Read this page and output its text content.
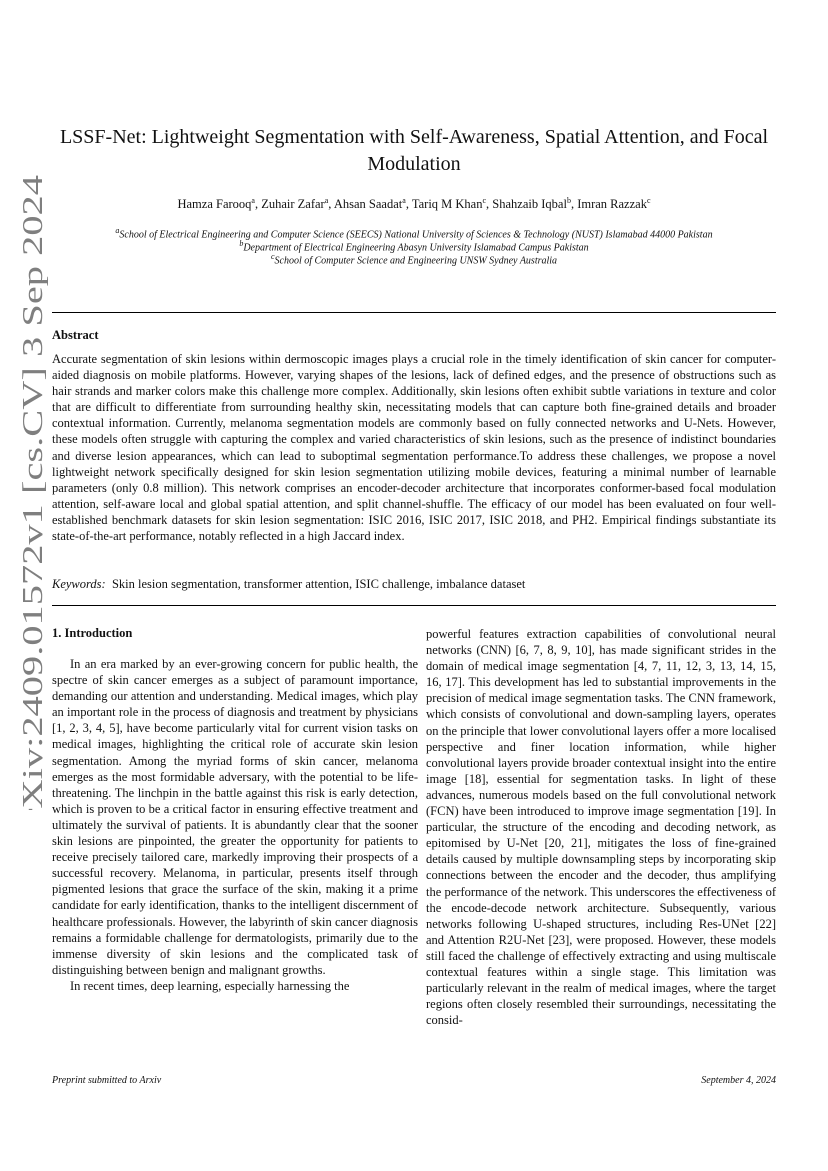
arXiv:2409.01572v1 [cs.CV] 3 Sep 2024
LSSF-Net: Lightweight Segmentation with Self-Awareness, Spatial Attention, and Focal Modulation
Hamza Farooq$^a$, Zuhair Zafar$^a$, Ahsan Saadat$^a$, Tariq M Khan$^c$, Shahzaib Iqbal$^b$, Imran Razzak$^c$
$^a$School of Electrical Engineering and Computer Science (SEECS) National University of Sciences & Technology (NUST) Islamabad 44000 Pakistan
$^b$Department of Electrical Engineering Abasyn University Islamabad Campus Pakistan
$^c$School of Computer Science and Engineering UNSW Sydney Australia
Abstract
Accurate segmentation of skin lesions within dermoscopic images plays a crucial role in the timely identification of skin cancer for computer-aided diagnosis on mobile platforms. However, varying shapes of the lesions, lack of defined edges, and the presence of obstructions such as hair strands and marker colors make this challenge more complex. Additionally, skin lesions often exhibit subtle variations in texture and color that are difficult to differentiate from surrounding healthy skin, necessitating models that can capture both fine-grained details and broader contextual information. Currently, melanoma segmentation models are commonly based on fully connected networks and U-Nets. However, these models often struggle with capturing the complex and varied characteristics of skin lesions, such as the presence of indistinct boundaries and diverse lesion appearances, which can lead to suboptimal segmentation performance.To address these challenges, we propose a novel lightweight network specifically designed for skin lesion segmentation utilizing mobile devices, featuring a minimal number of learnable parameters (only 0.8 million). This network comprises an encoder-decoder architecture that incorporates conformer-based focal modulation attention, self-aware local and global spatial attention, and split channel-shuffle. The efficacy of our model has been evaluated on four well-established benchmark datasets for skin lesion segmentation: ISIC 2016, ISIC 2017, ISIC 2018, and PH2. Empirical findings substantiate its state-of-the-art performance, notably reflected in a high Jaccard index.
Keywords: Skin lesion segmentation, transformer attention, ISIC challenge, imbalance dataset
1. Introduction

In an era marked by an ever-growing concern for public health, the spectre of skin cancer emerges as a subject of paramount importance, demanding our attention and understanding. Medical images, which play an important role in the process of diagnosis and treatment by physicians [1, 2, 3, 4, 5], have become particularly vital for current vision tasks on medical images, highlighting the critical role of accurate skin lesion segmentation. Among the myriad forms of skin cancer, melanoma emerges as the most formidable adversary, with the potential to be life-threatening. The linchpin in the battle against this risk is early detection, which is proven to be a critical factor in ensuring effective treatment and ultimately the survival of patients. It is abundantly clear that the sooner skin lesions are pinpointed, the greater the opportunity for patients to receive precisely tailored care, markedly improving their prospects of a successful recovery. Melanoma, in particular, presents itself through pigmented lesions that grace the surface of the skin, making it a prime candidate for early identification, thanks to the intelligent discernment of healthcare professionals. However, the labyrinth of skin cancer diagnosis remains a formidable challenge for dermatologists, primarily due to the immense diversity of skin lesions and the complicated task of distinguishing between benign and malignant growths.

In recent times, deep learning, especially harnessing the

powerful features extraction capabilities of convolutional neural networks (CNN) [6, 7, 8, 9, 10], has made significant strides in the domain of medical image segmentation [4, 7, 11, 12, 3, 13, 14, 15, 16, 17]. This development has led to substantial improvements in the precision of medical image segmentation tasks. The CNN framework, which consists of convolutional and down-sampling layers, operates on the principle that lower convolutional layers offer a more localised perspective and finer location information, while higher convolutional layers provide broader contextual insight into the entire image [18], essential for segmentation tasks. In light of these advances, numerous models based on the full convolutional network (FCN) have been introduced to improve image segmentation [19]. In particular, the structure of the encoding and decoding network, as epitomised by U-Net [20, 21], mitigates the loss of fine-grained details caused by multiple downsampling steps by incorporating skip connections between the encoder and the decoder, thus amplifying the performance of the network. This underscores the effectiveness of the encode-decode network architecture. Subsequently, various networks following U-shaped structures, including Res-UNet [22] and Attention R2U-Net [23], were proposed. However, these models still faced the challenge of effectively extracting and using multiscale contextual features within a single stage. This limitation was particularly relevant in the realm of medical images, where the target regions often closely resembled their surroundings, necessitating the consid-

Preprint submitted to Arxiv	September 4, 2024
